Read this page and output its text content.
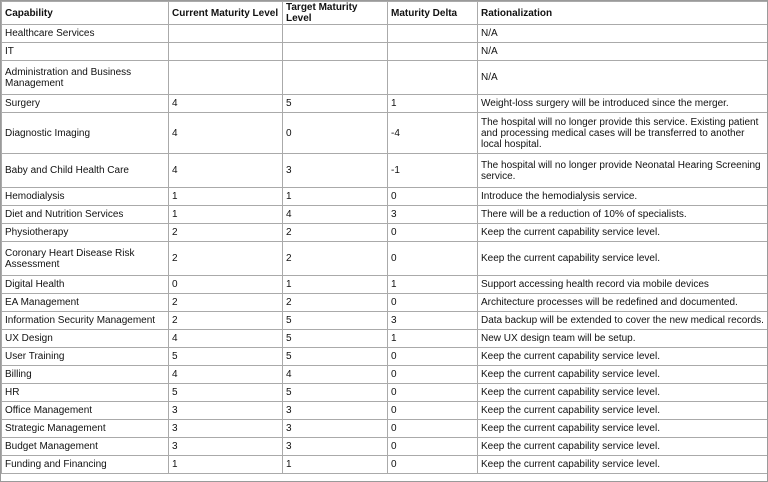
Capability	Current Maturity Level	Target Maturity Level	Maturity Delta	Rationalization
Healthcare Services				N/A
IT				N/A
Administration and Business Management				N/A
Surgery	4	5	1	Weight-loss surgery will be introduced since the merger.
Diagnostic Imaging	4	0	-4	The hospital will no longer provide this service. Existing patient and processing medical cases will be transferred to another local hospital.
Baby and Child Health Care	4	3	-1	The hospital will no longer provide Neonatal Hearing Screening service.
Hemodialysis	1	1	0	Introduce the hemodialysis service.
Diet and Nutrition Services	1	4	3	There will be a reduction of 10% of specialists.
Physiotherapy	2	2	0	Keep the current capability service level.
Coronary Heart Disease Risk Assessment	2	2	0	Keep the current capability service level.
Digital Health	0	1	1	Support accessing health record via mobile devices
EA Management	2	2	0	Architecture processes will be redefined and documented.
Information Security Management	2	5	3	Data backup will be extended to cover the new medical records.
UX Design	4	5	1	New UX design team will be setup.
User Training	5	5	0	Keep the current capability service level.
Billing	4	4	0	Keep the current capability service level.
HR	5	5	0	Keep the current capability service level.
Office Management	3	3	0	Keep the current capability service level.
Strategic Management	3	3	0	Keep the current capability service level.
Budget Management	3	3	0	Keep the current capability service level.
Funding and Financing	1	1	0	Keep the current capability service level.
